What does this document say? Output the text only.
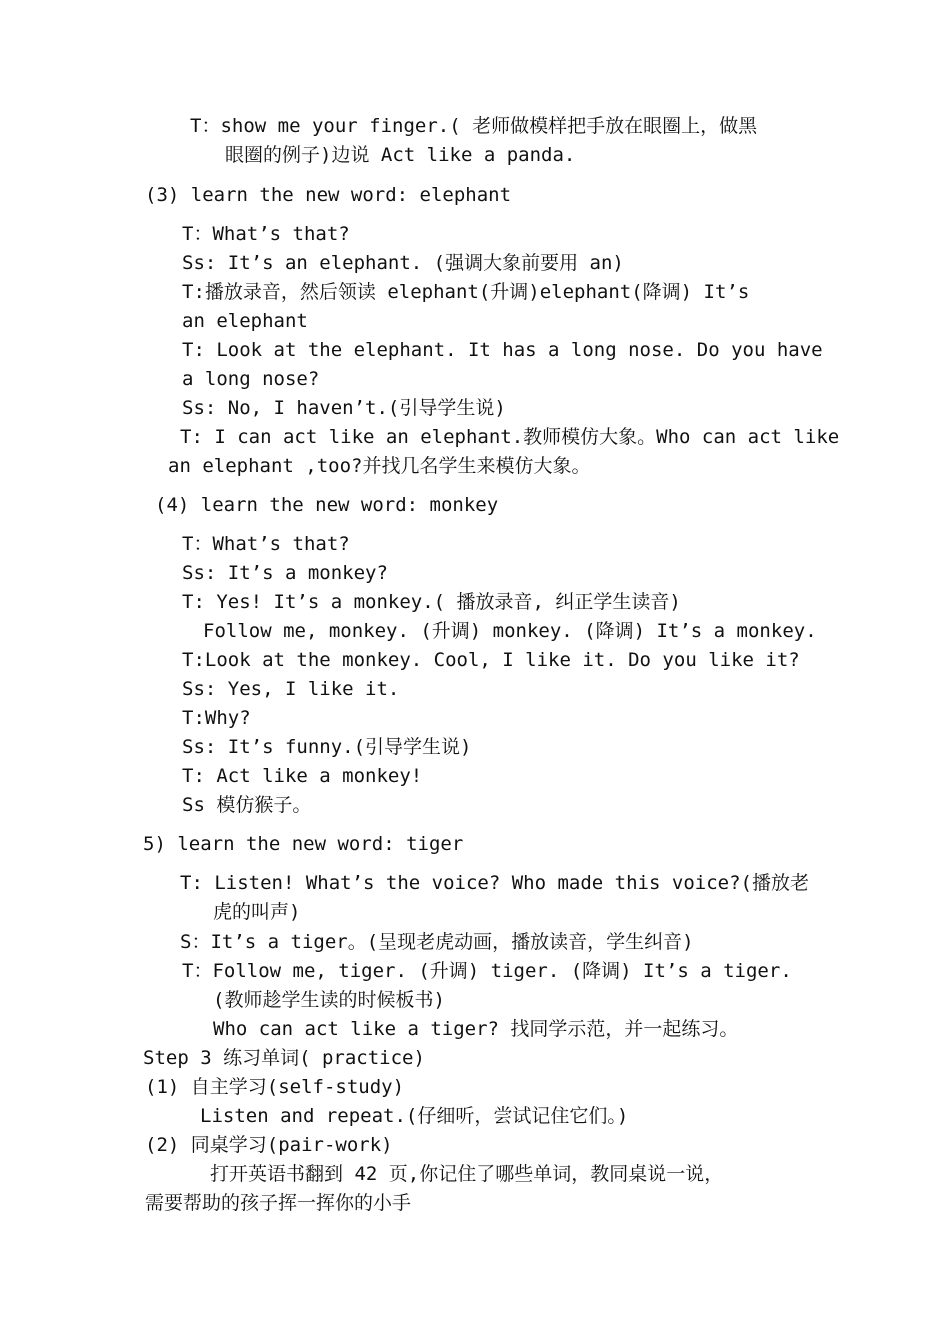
T：show me your finger.( 老师做模样把手放在眼圈上，做黑
眼圈的例子)边说 Act like a panda.
(3) learn the new word: elephant
T：What’s that?
Ss: It’s an elephant. (强调大象前要用 an)
T:播放录音，然后领读 elephant(升调)elephant(降调) It’s
an elephant
T: Look at the elephant. It has a long nose. Do you have
a long nose?
Ss: No, I haven’t.(引导学生说)
T: I can act like an elephant.教师模仿大象。Who can act like
an elephant ,too?并找几名学生来模仿大象。
(4) learn the new word: monkey
T：What’s that?
Ss: It’s a monkey?
T: Yes! It’s a monkey.( 播放录音, 纠正学生读音)
Follow me, monkey. (升调) monkey. (降调) It’s a monkey.
T:Look at the monkey. Cool, I like it. Do you like it?
Ss: Yes, I like it.
T:Why?
Ss: It’s funny.(引导学生说)
T: Act like a monkey!
Ss 模仿猴子。
5) learn the new word: tiger
T: Listen! What’s the voice? Who made this voice?(播放老
虎的叫声)
S：It’s a tiger。(呈现老虎动画，播放读音，学生纠音)
T：Follow me, tiger. (升调) tiger. (降调) It’s a tiger.
(教师趁学生读的时候板书)
Who can act like a tiger? 找同学示范，并一起练习。
Step 3 练习单词( practice)
(1) 自主学习(self-study)
Listen and repeat.(仔细听，尝试记住它们。)
(2) 同桌学习(pair-work)
打开英语书翻到 42 页,你记住了哪些单词，教同桌说一说，
需要帮助的孩子挥一挥你的小手
